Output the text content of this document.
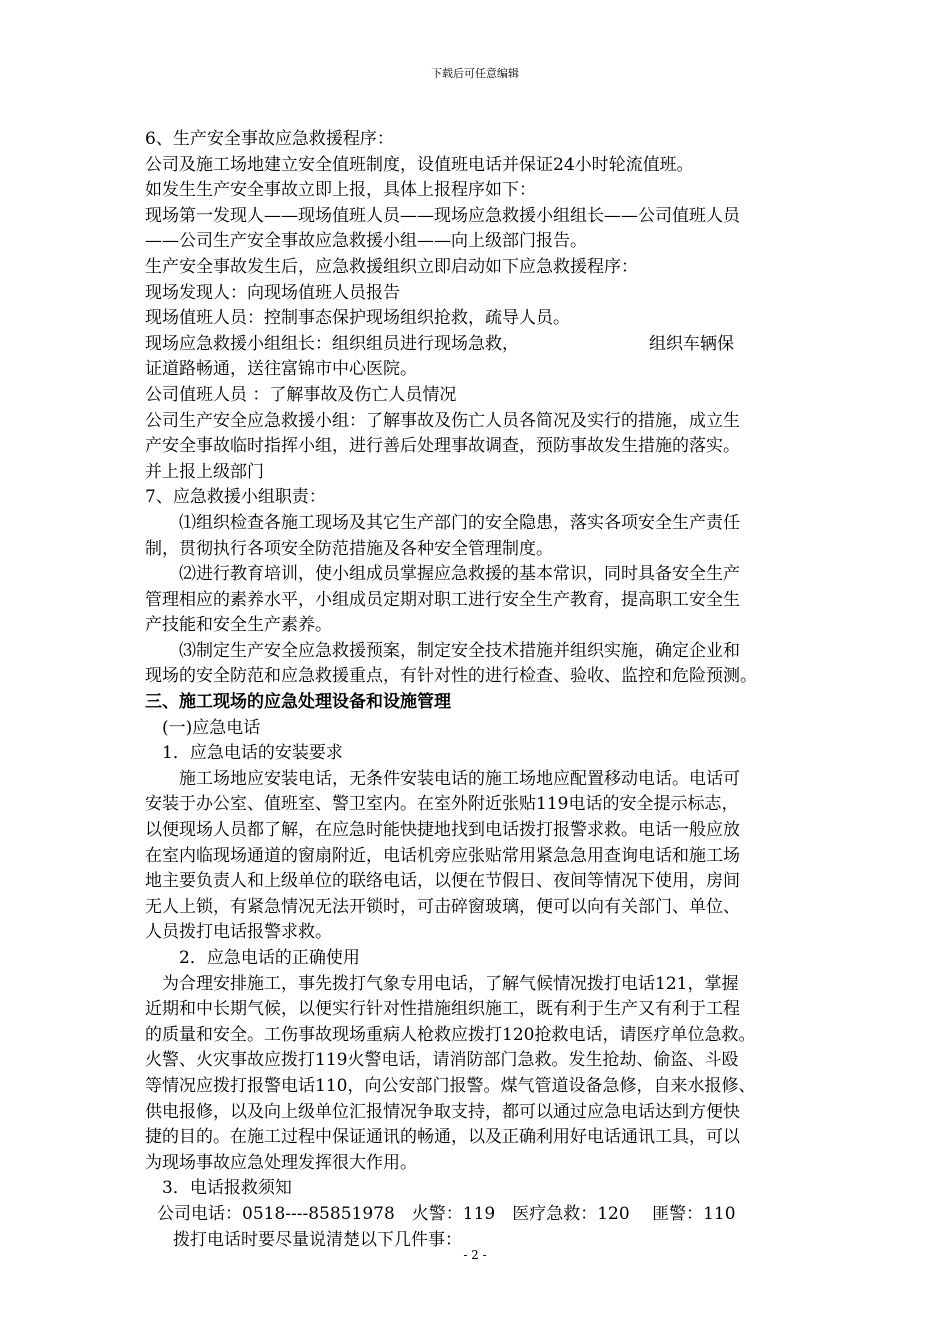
下载后可任意编辑
6、生产安全事故应急救援程序：
公司及施工场地建立安全值班制度，设值班电话并保证24小时轮流值班。
如发生生产安全事故立即上报，具体上报程序如下：
现场第一发现人——现场值班人员——现场应急救援小组组长——公司值班人员
——公司生产安全事故应急救援小组——向上级部门报告。
生产安全事故发生后，应急救援组织立即启动如下应急救援程序：
现场发现人：向现场值班人员报告
现场值班人员：控制事态保护现场组织抢救，疏导人员。
现场应急救援小组组长：组织组员进行现场急救，	组织车辆保
证道路畅通，送往富锦市中心医院。
公司值班人员 ：了解事故及伤亡人员情况
公司生产安全应急救援小组：了解事故及伤亡人员各简况及实行的措施，成立生
产安全事故临时指挥小组，进行善后处理事故调查，预防事故发生措施的落实。
并上报上级部门
7、应急救援小组职责：
⑴组织检查各施工现场及其它生产部门的安全隐患，落实各项安全生产责任
制，贯彻执行各项安全防范措施及各种安全管理制度。
⑵进行教育培训，使小组成员掌握应急救援的基本常识，同时具备安全生产
管理相应的素养水平，小组成员定期对职工进行安全生产教育，提高职工安全生
产技能和安全生产素养。
⑶制定生产安全应急救援预案，制定安全技术措施并组织实施，确定企业和
现场的安全防范和应急救援重点，有针对性的进行检查、验收、监控和危险预测。
三、施工现场的应急处理设备和设施管理
(一)应急电话
1．应急电话的安装要求
施工场地应安装电话，无条件安装电话的施工场地应配置移动电话。电话可
安装于办公室、值班室、警卫室内。在室外附近张贴119电话的安全提示标志，
以便现场人员都了解，在应急时能快捷地找到电话拨打报警求救。电话一般应放
在室内临现场通道的窗扇附近，电话机旁应张贴常用紧急急用查询电话和施工场
地主要负责人和上级单位的联络电话，以便在节假日、夜间等情况下使用，房间
无人上锁，有紧急情况无法开锁时，可击碎窗玻璃，便可以向有关部门、单位、
人员拨打电话报警求救。
2．应急电话的正确使用
为合理安排施工，事先拨打气象专用电话，了解气候情况拨打电话121，掌握
近期和中长期气候，以便实行针对性措施组织施工，既有利于生产又有利于工程
的质量和安全。工伤事故现场重病人枪救应拨打120抢救电话，请医疗单位急救。
火警、火灾事故应拨打119火警电话，请消防部门急救。发生抢劫、偷盗、斗殴
等情况应拨打报警电话110，向公安部门报警。煤气管道设备急修，自来水报修、
供电报修，以及向上级单位汇报情况争取支持，都可以通过应急电话达到方便快
捷的目的。在施工过程中保证通讯的畅通，以及正确利用好电话通讯工具，可以
为现场事故应急处理发挥很大作用。
3．电话报救须知
公司电话：0518----85851978　火警：119　医疗急救：120　 匪警：110
拨打电话时要尽量说清楚以下几件事：
- 2 -
